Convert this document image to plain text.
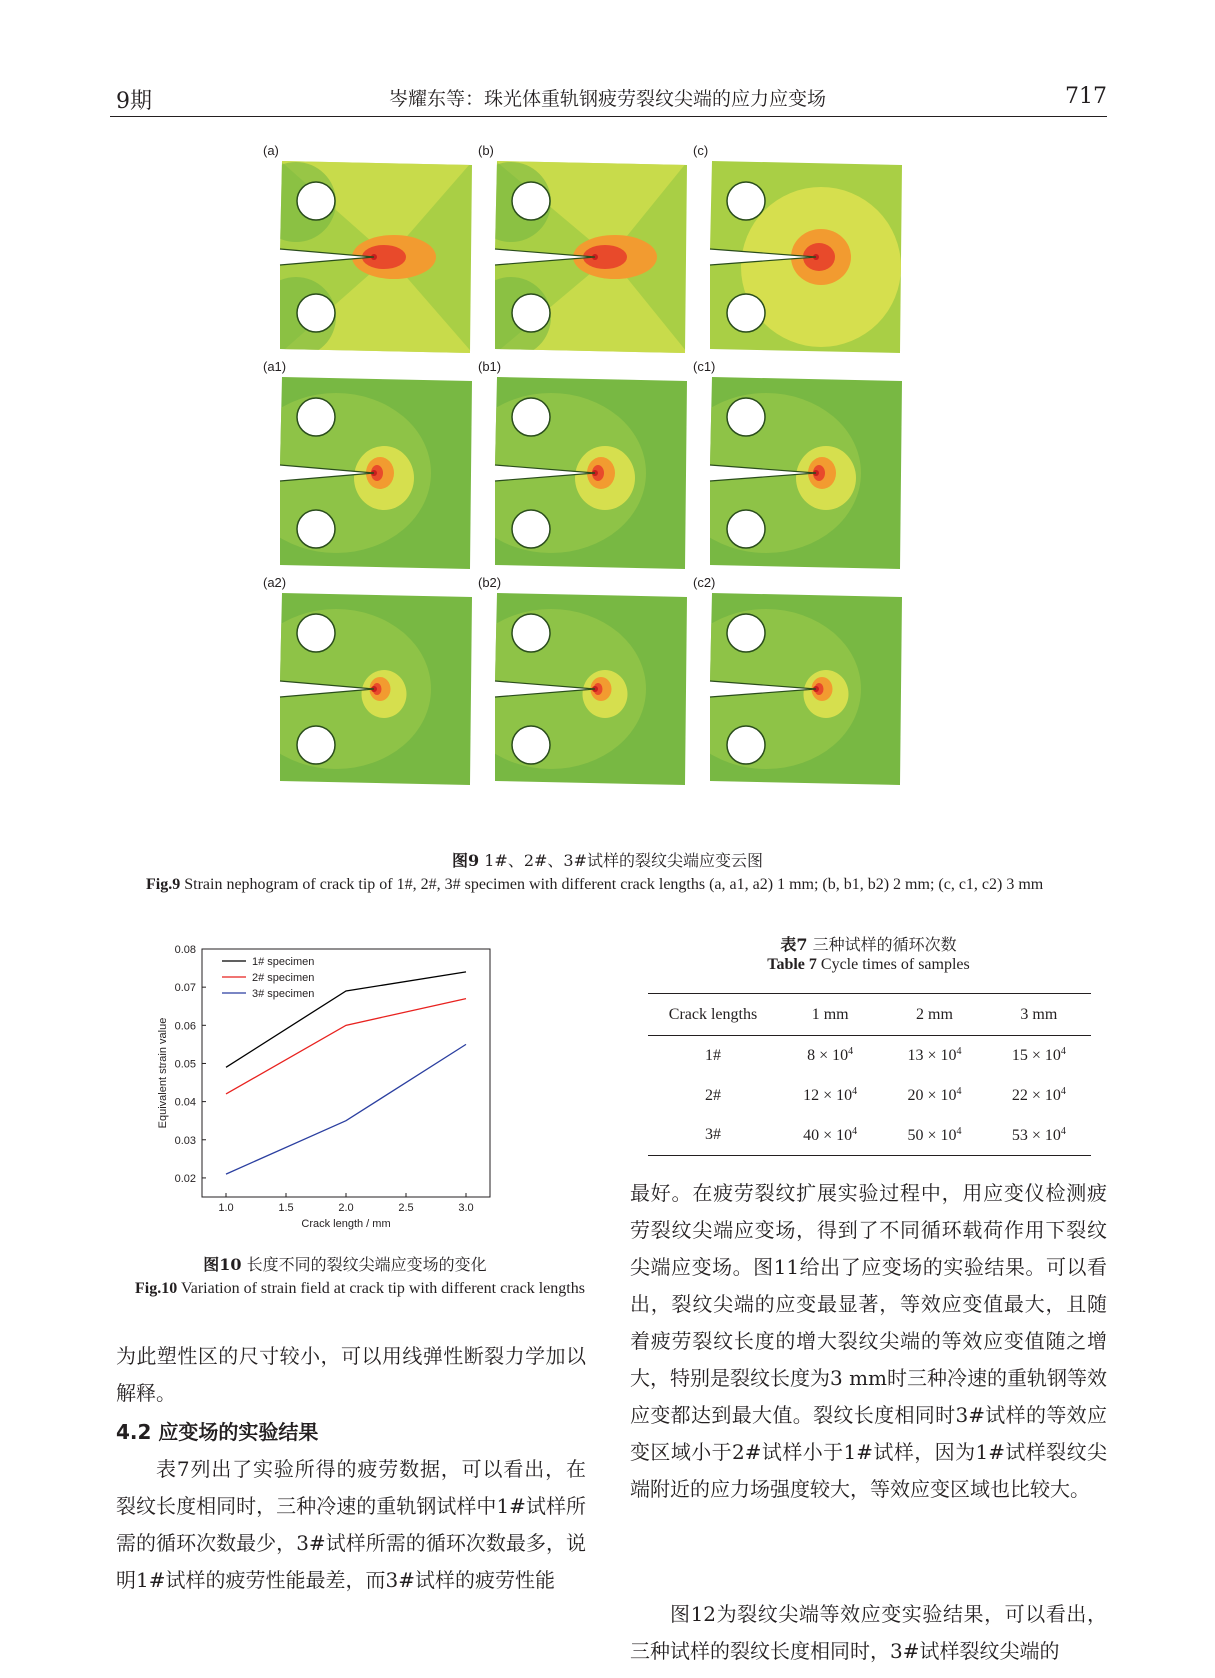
9期	岑耀东等：珠光体重轨钢疲劳裂纹尖端的应力应变场	717
(a)	(b)	(c)
(a1)	(b1)	(c1)
(a2)	(b2)	(c2)
图9 1#、2#、3#试样的裂纹尖端应变云图
Fig.9 Strain nephogram of crack tip of 1#, 2#, 3# specimen with different crack lengths (a, a1, a2) 1 mm; (b, b1, b2) 2 mm; (c, c1, c2) 3 mm
1.0	1.5	2.0	2.5	3.0
0.02
0.03
0.04
0.05
0.06
0.07
0.08
Crack length / mm
Equivalent strain value
1# specimen
2# specimen
3# specimen
图10 长度不同的裂纹尖端应变场的变化
Fig.10 Variation of strain field at crack tip with different crack lengths
表7 三种试样的循环次数
Table 7 Cycle times of samples
Crack lengths	1 mm	2 mm	3 mm
1#	$8 \times 10^4$	$13 \times 10^4$	$15 \times 10^4$
2#	$12 \times 10^4$	$20 \times 10^4$	$22 \times 10^4$
3#	$40 \times 10^4$	$50 \times 10^4$	$53 \times 10^4$
为此塑性区的尺寸较小，可以用线弹性断裂力学加以解释。
4.2 应变场的实验结果
表7列出了实验所得的疲劳数据，可以看出，在裂纹长度相同时，三种冷速的重轨钢试样中1#试样所需的循环次数最少，3#试样所需的循环次数最多，说明1#试样的疲劳性能最差，而3#试样的疲劳性能
最好。在疲劳裂纹扩展实验过程中，用应变仪检测疲劳裂纹尖端应变场，得到了不同循环载荷作用下裂纹尖端应变场。图11给出了应变场的实验结果。可以看出，裂纹尖端的应变最显著，等效应变值最大，且随着疲劳裂纹长度的增大裂纹尖端的等效应变值随之增大，特别是裂纹长度为3 mm时三种冷速的重轨钢等效应变都达到最大值。裂纹长度相同时3#试样的等效应变区域小于2#试样小于1#试样，因为1#试样裂纹尖端附近的应力场强度较大，等效应变区域也比较大。
图12为裂纹尖端等效应变实验结果，可以看出，三种试样的裂纹长度相同时，3#试样裂纹尖端的
